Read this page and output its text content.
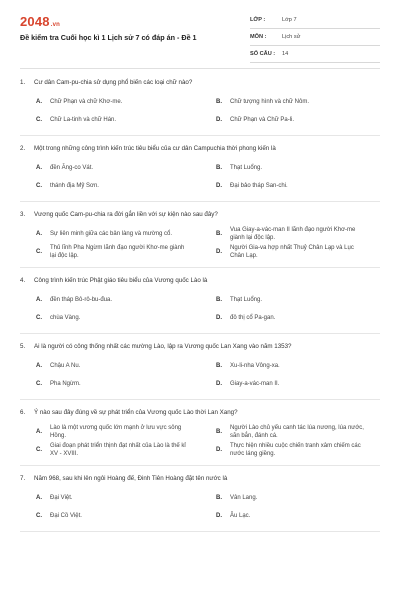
2048.vn
Đề kiểm tra Cuối học kì 1 Lịch sử 7 có đáp án - Đề 1
LỚP :	Lớp 7
MÔN :	Lịch sử
SỐ CÂU :	14
1.	Cư dân Cam-pu-chia sử dụng phổ biến các loại chữ nào?
A.	Chữ Phạn và chữ Khơ-me.	B.	Chữ tượng hình và chữ Nôm.
C.	Chữ La-tinh và chữ Hán.	D.	Chữ Phạn và Chữ Pa-li.
2.	Một trong những công trình kiến trúc tiêu biểu của cư dân Campuchia thời phong kiến là
A.	đền Ăng-co Vát.	B.	Thạt Luổng.
C.	thánh địa Mỹ Sơn.	D.	Đại bảo tháp San-chi.
3.	Vương quốc Cam-pu-chia ra đời gắn liền với sự kiện nào sau đây?
A.	Sự liên minh giữa các bản làng và mường cổ.	B.
Vua Giay-a-vác-man II lãnh đạo người Khơ-me giành lại độc lập.
C.
Thủ lĩnh Pha Ngừm lãnh đạo người Khơ-me giành lại độc lập.
D.
Người Gia-va hợp nhất Thuỷ Chân Lạp và Lục Chân Lạp.
4.	Công trình kiến trúc Phật giáo tiêu biểu của Vương quốc Lào là
A.	đền tháp Bô-rô-bu-đua.	B.	Thạt Luổng.
C.	chùa Vàng.	D.	đô thị cổ Pa-gan.
5.	Ai là người có công thống nhất các mường Lào, lập ra Vương quốc Lan Xang vào năm 1353?
A.	Chậu A Nu.	B.	Xu-li-nha Vông-xa.
C.	Pha Ngừm.	D.	Giay-a-vác-man II.
6.	Ý nào sau đây đúng về sự phát triển của Vương quốc Lào thời Lan Xang?
A.
Lào là một vương quốc lớn mạnh ở lưu vực sông Hồng.
B.
Người Lào chủ yếu canh tác lúa nương, lúa nước, săn bắn, đánh cá.
C.
Giai đoạn phát triển thịnh đạt nhất của Lào là thế kỉ XV - XVIII.
D.
Thực hiện nhiều cuộc chiến tranh xâm chiếm các nước láng giềng.
7.	Năm 968, sau khi lên ngôi Hoàng đế, Đinh Tiên Hoàng đặt tên nước là
A.	Đại Việt.	B.	Vân Lang.
C.	Đại Cồ Việt.	D.	Âu Lạc.
